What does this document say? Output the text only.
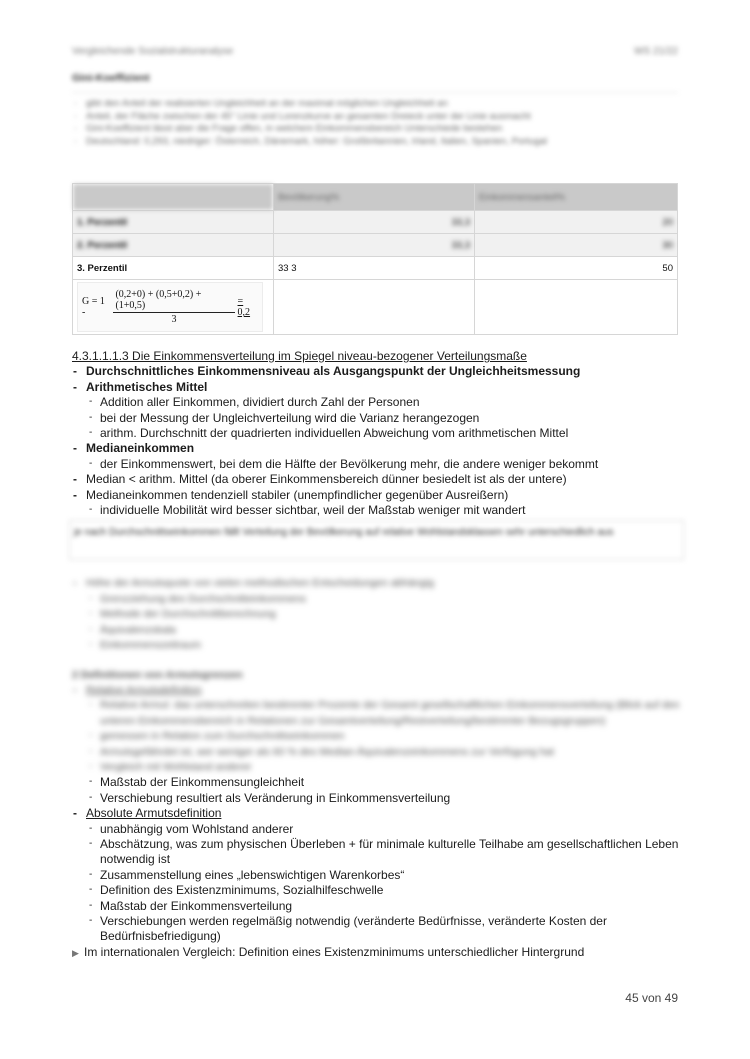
Vergleichende Sozialstrukturanalyse	WS 21/22
Gini-Koeffizient
◦ gibt den Anteil der realisierten Ungleichheit an der maximal möglichen Ungleichheit an
◦ Anteil, der Fläche zwischen der 45° Linie und Lorenzkurve an gesamten Dreieck unter der Linie ausmacht
◦ Gini-Koeffizient lässt aber die Frage offen, in welchem Einkommensbereich Unterschiede bestehen
◦ Deutschland: 0,293, niedriger: Österreich, Dänemark, höher: Großbritannien, Irland, Italien, Spanien, Portugal
	Bevölkerung%	Einkommensanteil%
1. Perzentil	33,3	20
2. Perzentil	33,3	30
3. Perzentil	33 3	50

$G = 1 - \frac{(0,2+0) + (0,5+0,2) + (1+0,5)}{3} = 0,2$		

4.3.1.1.1.3 Die Einkommensverteilung im Spiegel niveau-bezogener Verteilungsmaße
- Durchschnittliches Einkommensniveau als Ausgangspunkt der Ungleichheitsmessung
- Arithmetisches Mittel
- Addition aller Einkommen, dividiert durch Zahl der Personen
- bei der Messung der Ungleichverteilung wird die Varianz herangezogen
- arithm. Durchschnitt der quadrierten individuellen Abweichung vom arithmetischen Mittel
- Medianeinkommen
- der Einkommenswert, bei dem die Hälfte der Bevölkerung mehr, die andere weniger bekommt
- Median < arithm. Mittel (da oberer Einkommensbereich dünner besiedelt ist als der untere)
- Medianeinkommen tendenziell stabiler (unempfindlicher gegenüber Ausreißern)
- individuelle Mobilität wird besser sichtbar, weil der Maßstab weniger mit wandert
je nach Durchschnittseinkommen fällt Verteilung der Bevölkerung auf relative Wohlstandsklassen sehr unterschiedlich aus
- Höhe der Armutsquote von vielen methodischen Entscheidungen abhängig
- Grenzziehung des Durchschnitteinkommens
- Methode der Durchschnittberechnung
- Äquivalenzskala
- Einkommenszeitraum
2 Definitionen von Armutsgrenzen
- Relative Armutsdefinition
- Relative Armut: das unterschreiten bestimmter Prozente der Gesamt gesellschaftlichen Einkommensverteilung (Blick auf den unteren Einkommensbereich in Relationen zur Gesamtverteilung/Restverteilung/bestimmter Bezugsgruppen)
- gemessen in Relation zum Durchschnittseinkommen
- Armutsgefährdet ist, wer weniger als 60 % des Median-Äquivalenzeinkommens zur Verfügung hat
- Vergleich mit Wohlstand anderer
- Maßstab der Einkommensungleichheit
- Verschiebung resultiert als Veränderung in Einkommensverteilung
- Absolute Armutsdefinition
- unabhängig vom Wohlstand anderer
- Abschätzung, was zum physischen Überleben + für minimale kulturelle Teilhabe am gesellschaftlichen Leben notwendig ist
- Zusammenstellung eines „lebenswichtigen Warenkorbes“
- Definition des Existenzminimums, Sozialhilfeschwelle
- Maßstab der Einkommensverteilung
- Verschiebungen werden regelmäßig notwendig (veränderte Bedürfnisse, veränderte Kosten der Bedürfnisbefriedigung)
▶ Im internationalen Vergleich: Definition eines Existenzminimums unterschiedlicher Hintergrund
45 von 49
